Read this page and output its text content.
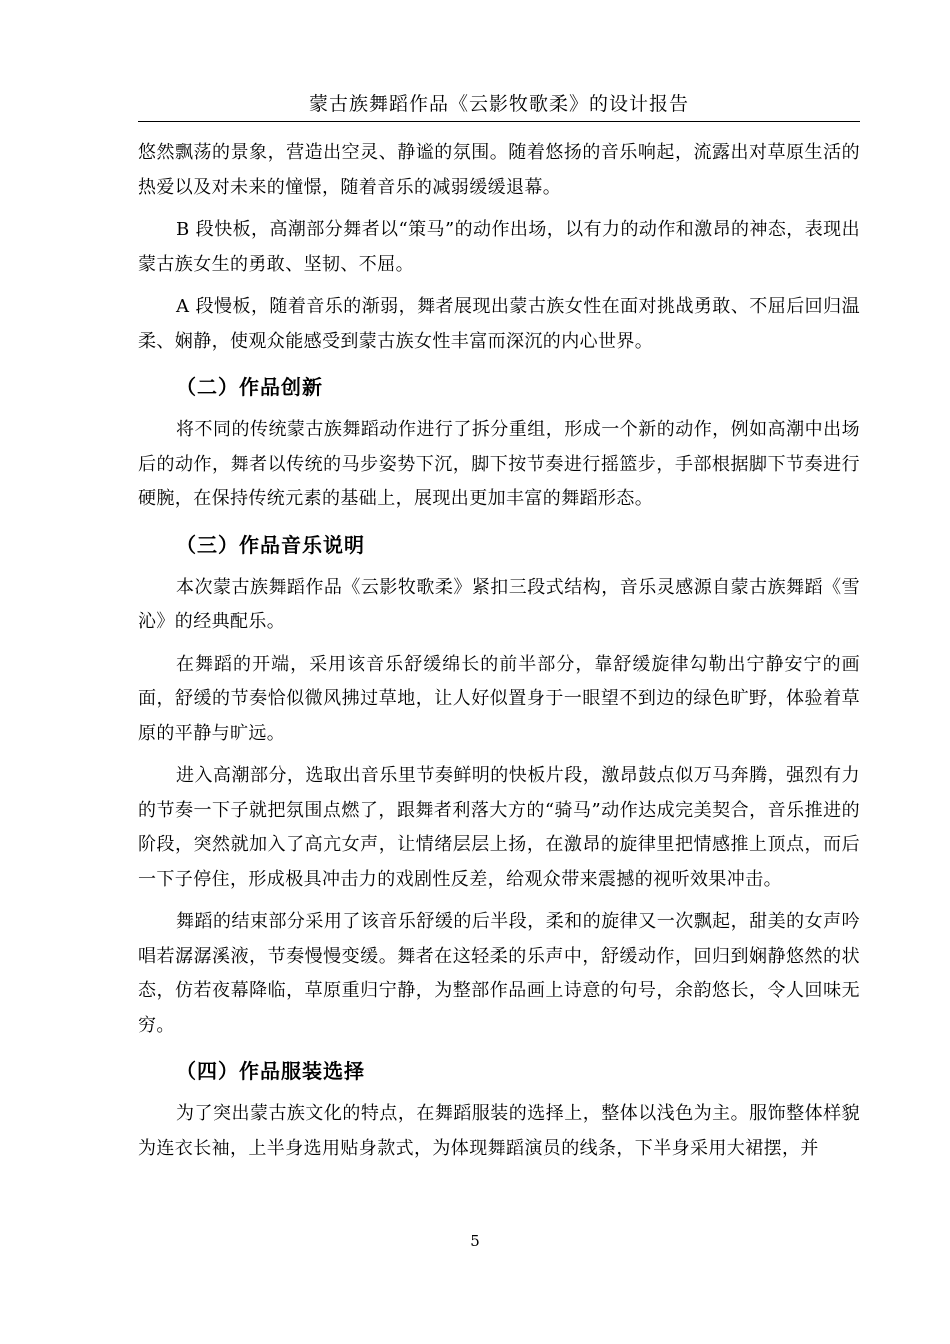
蒙古族舞蹈作品《云影牧歌柔》的设计报告

悠然飘荡的景象，营造出空灵、静谧的氛围。随着悠扬的音乐响起，流露出对草原生活的热爱以及对未来的憧憬，随着音乐的减弱缓缓退幕。

B 段快板，高潮部分舞者以“策马”的动作出场，以有力的动作和激昂的神态，表现出蒙古族女生的勇敢、坚韧、不屈。

A 段慢板，随着音乐的渐弱，舞者展现出蒙古族女性在面对挑战勇敢、不屈后回归温柔、娴静，使观众能感受到蒙古族女性丰富而深沉的内心世界。

（二）作品创新

将不同的传统蒙古族舞蹈动作进行了拆分重组，形成一个新的动作，例如高潮中出场后的动作，舞者以传统的马步姿势下沉，脚下按节奏进行摇篮步，手部根据脚下节奏进行硬腕，在保持传统元素的基础上，展现出更加丰富的舞蹈形态。

（三）作品音乐说明

本次蒙古族舞蹈作品《云影牧歌柔》紧扣三段式结构，音乐灵感源自蒙古族舞蹈《雪沁》的经典配乐。

在舞蹈的开端，采用该音乐舒缓绵长的前半部分，靠舒缓旋律勾勒出宁静安宁的画面，舒缓的节奏恰似微风拂过草地，让人好似置身于一眼望不到边的绿色旷野，体验着草原的平静与旷远。

进入高潮部分，选取出音乐里节奏鲜明的快板片段，激昂鼓点似万马奔腾，强烈有力的节奏一下子就把氛围点燃了，跟舞者利落大方的“骑马”动作达成完美契合，音乐推进的阶段，突然就加入了高亢女声，让情绪层层上扬，在激昂的旋律里把情感推上顶点，而后一下子停住，形成极具冲击力的戏剧性反差，给观众带来震撼的视听效果冲击。

舞蹈的结束部分采用了该音乐舒缓的后半段，柔和的旋律又一次飘起，甜美的女声吟唱若潺潺溪液，节奏慢慢变缓。舞者在这轻柔的乐声中，舒缓动作，回归到娴静悠然的状态，仿若夜幕降临，草原重归宁静，为整部作品画上诗意的句号，余韵悠长，令人回味无穷。

（四）作品服装选择

为了突出蒙古族文化的特点，在舞蹈服装的选择上，整体以浅色为主。服饰整体样貌为连衣长袖，上半身选用贴身款式，为体现舞蹈演员的线条，下半身采用大裙摆，并

5
